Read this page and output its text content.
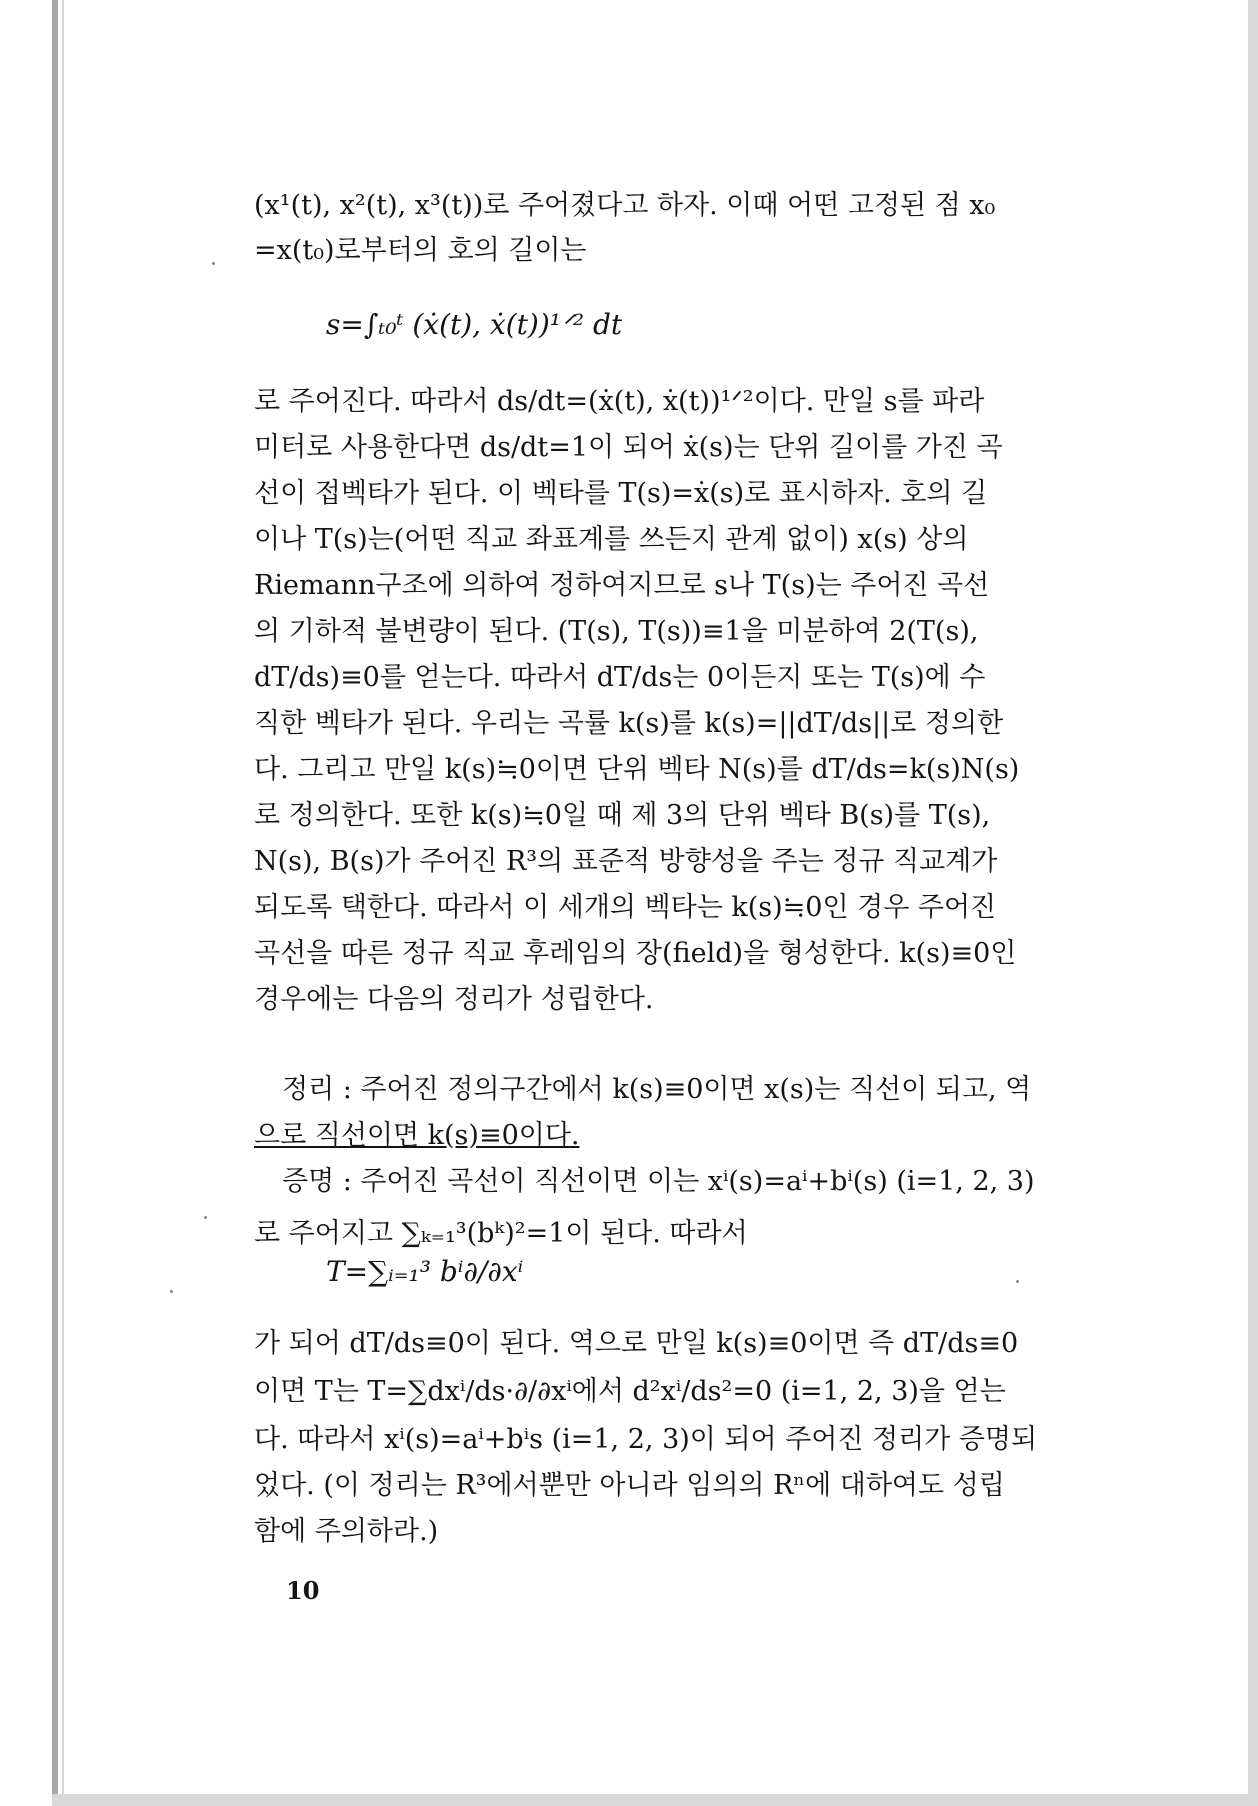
(x¹(t), x²(t), x³(t))로 주어졌다고 하자. 이때 어떤 고정된 점 x₀
=x(t₀)로부터의 호의 길이는
s=∫ₜ₀ᵗ (ẋ(t), ẋ(t))¹ᐟ² dt
로 주어진다. 따라서 ds/dt=(ẋ(t), ẋ(t))¹ᐟ²이다. 만일 s를 파라
미터로 사용한다면 ds/dt=1이 되어 ẋ(s)는 단위 길이를 가진 곡
선이 접벡타가 된다. 이 벡타를 T(s)=ẋ(s)로 표시하자. 호의 길
이나 T(s)는(어떤 직교 좌표계를 쓰든지 관계 없이) x(s) 상의
Riemann구조에 의하여 정하여지므로 s나 T(s)는 주어진 곡선
의 기하적 불변량이 된다. (T(s), T(s))≡1을 미분하여 2(T(s),
dT/ds)≡0를 얻는다. 따라서 dT/ds는 0이든지 또는 T(s)에 수
직한 벡타가 된다. 우리는 곡률 k(s)를 k(s)=||dT/ds||로 정의한
다. 그리고 만일 k(s)≒0이면 단위 벡타 N(s)를 dT/ds=k(s)N(s)
로 정의한다. 또한 k(s)≒0일 때 제 3의 단위 벡타 B(s)를 T(s),
N(s), B(s)가 주어진 R³의 표준적 방향성을 주는 정규 직교계가
되도록 택한다. 따라서 이 세개의 벡타는 k(s)≒0인 경우 주어진
곡선을 따른 정규 직교 후레임의 장(field)을 형성한다. k(s)≡0인
경우에는 다음의 정리가 성립한다.
정리 : 주어진 정의구간에서 k(s)≡0이면 x(s)는 직선이 되고, 역
으로 직선이면 k(s)≡0이다.
증명 : 주어진 곡선이 직선이면 이는 xⁱ(s)=aⁱ+bⁱ(s) (i=1, 2, 3)
로 주어지고 ∑ₖ₌₁³(bᵏ)²=1이 된다. 따라서
T=∑ᵢ₌₁³ bⁱ∂/∂xⁱ
가 되어 dT/ds≡0이 된다. 역으로 만일 k(s)≡0이면 즉 dT/ds≡0
이면 T는 T=∑dxⁱ/ds·∂/∂xⁱ에서 d²xⁱ/ds²=0 (i=1, 2, 3)을 얻는
다. 따라서 xⁱ(s)=aⁱ+bⁱs (i=1, 2, 3)이 되어 주어진 정리가 증명되
었다. (이 정리는 R³에서뿐만 아니라 임의의 Rⁿ에 대하여도 성립
함에 주의하라.)
10
